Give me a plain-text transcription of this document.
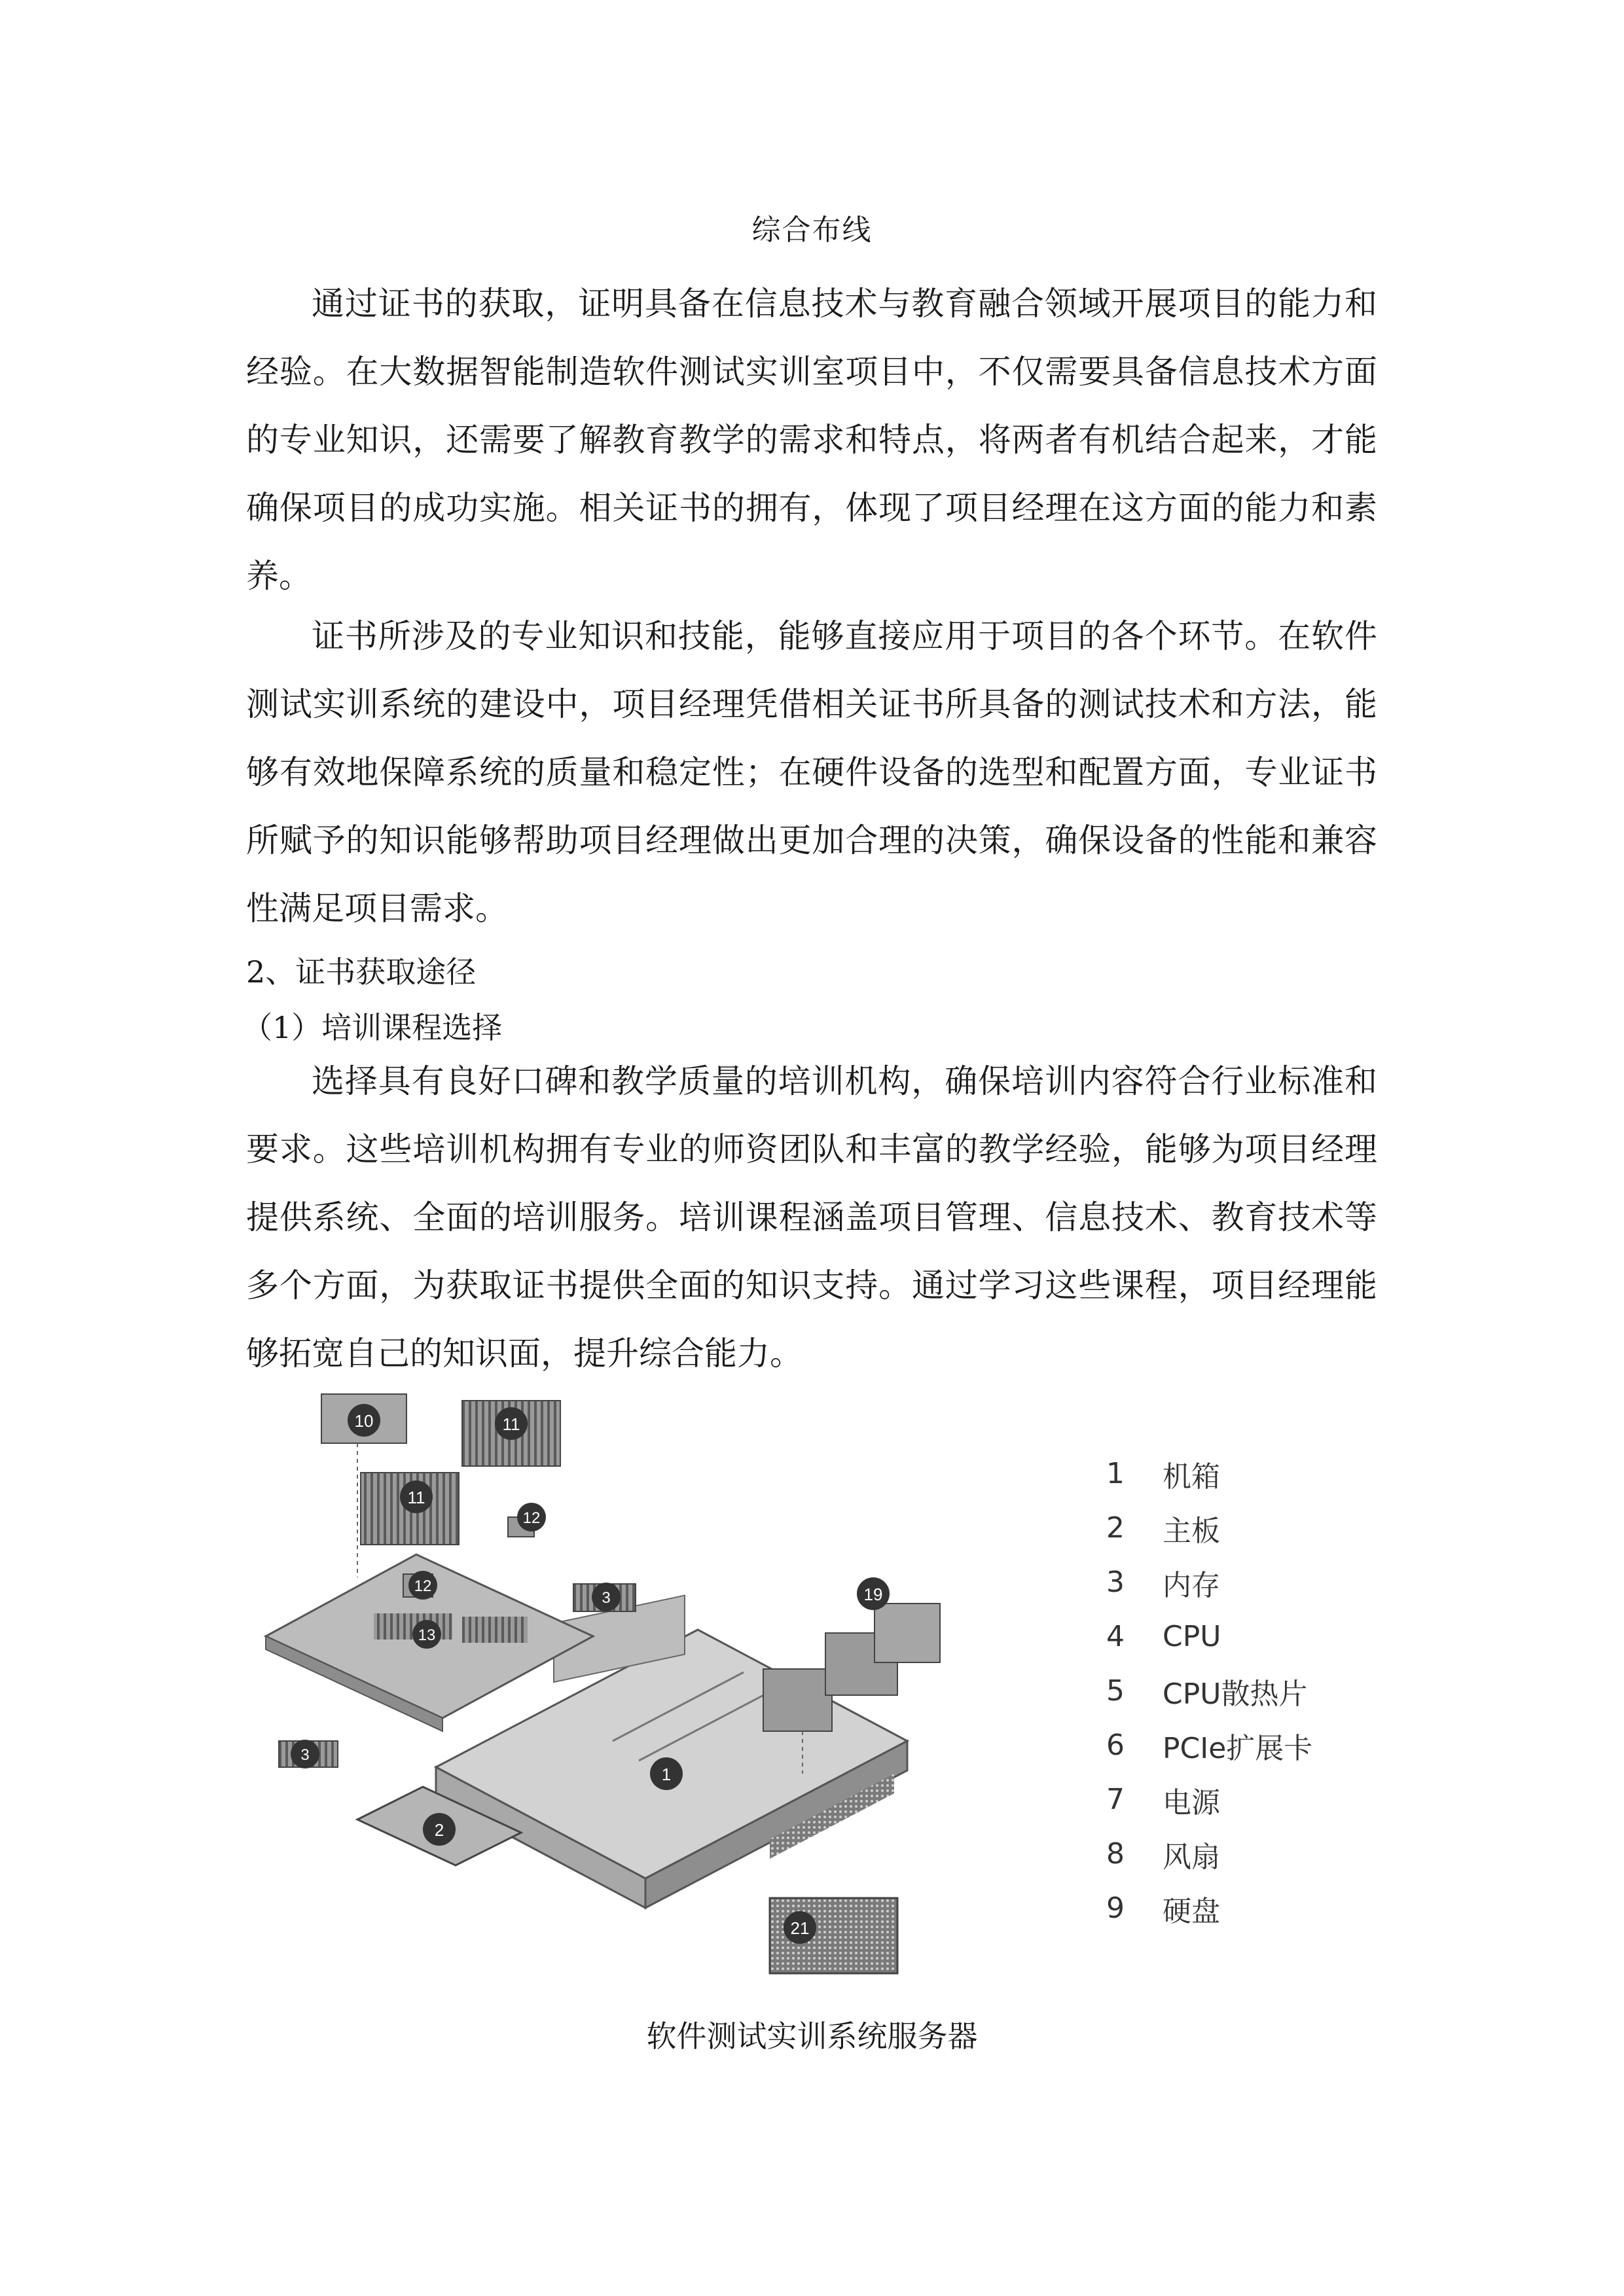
综合布线

通过证书的获取，证明具备在信息技术与教育融合领域开展项目的能力和经验。在大数据智能制造软件测试实训室项目中，不仅需要具备信息技术方面的专业知识，还需要了解教育教学的需求和特点，将两者有机结合起来，才能确保项目的成功实施。相关证书的拥有，体现了项目经理在这方面的能力和素养。

证书所涉及的专业知识和技能，能够直接应用于项目的各个环节。在软件测试实训系统的建设中，项目经理凭借相关证书所具备的测试技术和方法，能够有效地保障系统的质量和稳定性；在硬件设备的选型和配置方面，专业证书所赋予的知识能够帮助项目经理做出更加合理的决策，确保设备的性能和兼容性满足项目需求。

2、证书获取途径
（1）培训课程选择

选择具有良好口碑和教学质量的培训机构，确保培训内容符合行业标准和要求。这些培训机构拥有专业的师资团队和丰富的教学经验，能够为项目经理提供系统、全面的培训服务。培训课程涵盖项目管理、信息技术、教育技术等多个方面，为获取证书提供全面的知识支持。通过学习这些课程，项目经理能够拓宽自己的知识面，提升综合能力。

10	11
11
12
12
13
3
3
19
1
2
21
1	机箱
2	主板
3	内存
4	CPU
5	CPU散热片
6	PCIe扩展卡
7	电源
8	风扇
9	硬盘
软件测试实训系统服务器
